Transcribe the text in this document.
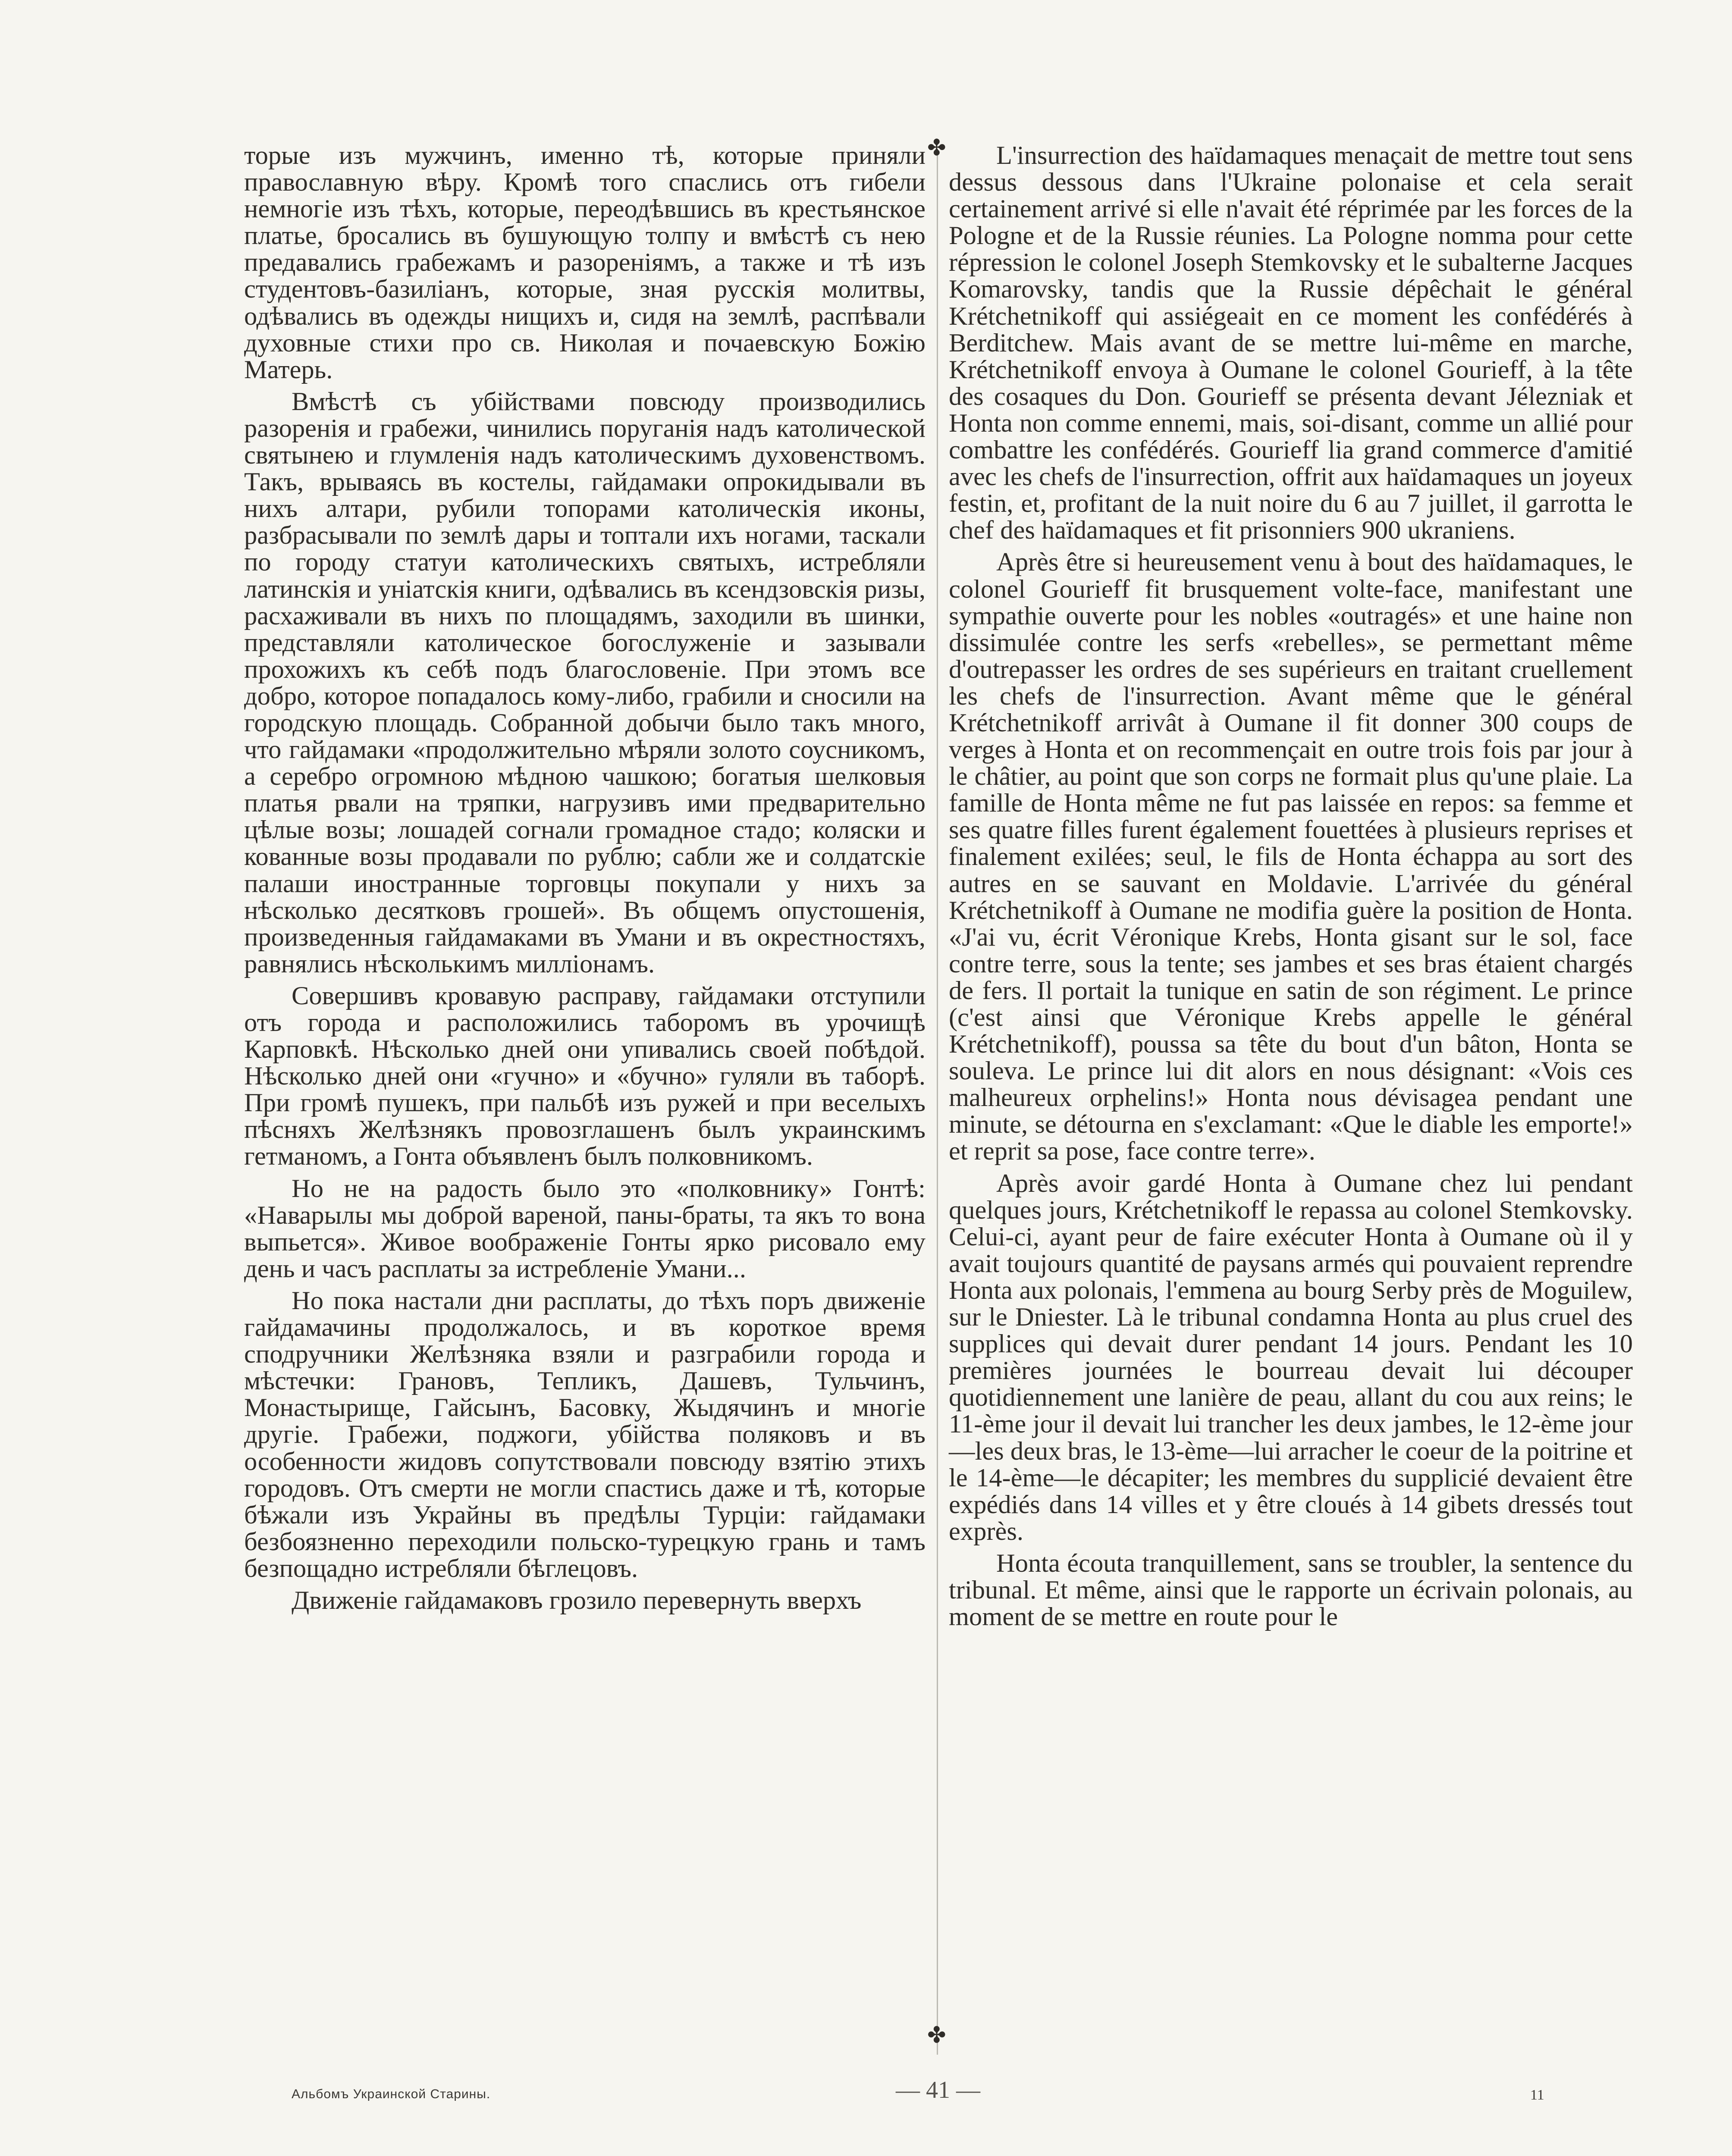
торые изъ мужчинъ, именно тѣ, которые приняли православную вѣру. Кромѣ того спаслись отъ гибели немногіе изъ тѣхъ, которые, переодѣвшись въ крестьянское платье, бросались въ бушующую толпу и вмѣстѣ съ нею предавались грабежамъ и разореніямъ, а также и тѣ изъ студентовъ-базиліанъ, которые, зная русскія молитвы, одѣвались въ одежды нищихъ и, сидя на землѣ, распѣвали духовные стихи про св. Николая и почаевскую Божію Матерь.

Вмѣстѣ съ убійствами повсюду производились разоренія и грабежи, чинились поруганія надъ католической святынею и глумленія надъ католическимъ духовенствомъ. Такъ, врываясь въ костелы, гайдамаки опрокидывали въ нихъ алтари, рубили топорами католическія иконы, разбрасывали по землѣ дары и топтали ихъ ногами, таскали по городу статуи католическихъ святыхъ, истребляли латинскія и уніатскія книги, одѣвались въ ксендзовскія ризы, расхаживали въ нихъ по площадямъ, заходили въ шинки, представляли католическое богослуженіе и зазывали прохожихъ къ себѣ подъ благословеніе. При этомъ все добро, которое попадалось кому-либо, грабили и сносили на городскую площадь. Собранной добычи было такъ много, что гайдамаки «продолжительно мѣряли золото соусникомъ, а серебро огромною мѣдною чашкою; богатыя шелковыя платья рвали на тряпки, нагрузивъ ими предварительно цѣлые возы; лошадей согнали громадное стадо; коляски и кованные возы продавали по рублю; сабли же и солдатскіе палаши иностранные торговцы покупали у нихъ за нѣсколько десятковъ грошей». Въ общемъ опустошенія, произведенныя гайдамаками въ Умани и въ окрестностяхъ, равнялись нѣсколькимъ милліонамъ.

Совершивъ кровавую расправу, гайдамаки отступили отъ города и расположились таборомъ въ урочищѣ Карповкѣ. Нѣсколько дней они упивались своей побѣдой. Нѣсколько дней они «гучно» и «бучно» гуляли въ таборѣ. При громѣ пушекъ, при пальбѣ изъ ружей и при веселыхъ пѣсняхъ Желѣзнякъ провозглашенъ былъ украинскимъ гетманомъ, а Гонта объявленъ былъ полковникомъ.

Но не на радость было это «полковнику» Гонтѣ: «Наварылы мы доброй вареной, паны-браты, та якъ то вона выпьется». Живое воображеніе Гонты ярко рисовало ему день и часъ расплаты за истребленіе Умани...

Но пока настали дни расплаты, до тѣхъ поръ движеніе гайдамачины продолжалось, и въ короткое время сподручники Желѣзняка взяли и разграбили города и мѣстечки: Грановъ, Тепликъ, Дашевъ, Тульчинъ, Монастырище, Гайсынъ, Басовку, Жыдячинъ и многіе другіе. Грабежи, поджоги, убійства поляковъ и въ особенности жидовъ сопутствовали повсюду взятію этихъ городовъ. Отъ смерти не могли спастись даже и тѣ, которые бѣжали изъ Украйны въ предѣлы Турціи: гайдамаки безбоязненно переходили польско-турецкую грань и тамъ безпощадно истребляли бѣглецовъ.

Движеніе гайдамаковъ грозило перевернуть вверхъ

✤
✤

L'insurrection des haïdamaques menaçait de mettre tout sens dessus dessous dans l'Ukraine polonaise et cela serait certainement arrivé si elle n'avait été réprimée par les forces de la Pologne et de la Russie réunies. La Pologne nomma pour cette répression le colonel Joseph Stemkovsky et le subalterne Jacques Komarovsky, tandis que la Russie dépêchait le général Krétchetnikoff qui assiégeait en ce moment les confédérés à Berditchew. Mais avant de se mettre lui-même en marche, Krétchetnikoff envoya à Oumane le colonel Gourieff, à la tête des cosaques du Don. Gourieff se présenta devant Jélezniak et Honta non comme ennemi, mais, soi-disant, comme un allié pour combattre les confédérés. Gourieff lia grand commerce d'amitié avec les chefs de l'insurrection, offrit aux haïdamaques un joyeux festin, et, profitant de la nuit noire du 6 au 7 juillet, il garrotta le chef des haïdamaques et fit prisonniers 900 ukraniens.

Après être si heureusement venu à bout des haïdamaques, le colonel Gourieff fit brusquement volte-face, manifestant une sympathie ouverte pour les nobles «outragés» et une haine non dissimulée contre les serfs «rebelles», se permettant même d'outrepasser les ordres de ses supérieurs en traitant cruellement les chefs de l'insurrection. Avant même que le général Krétchetnikoff arrivât à Oumane il fit donner 300 coups de verges à Honta et on recommençait en outre trois fois par jour à le châtier, au point que son corps ne formait plus qu'une plaie. La famille de Honta même ne fut pas laissée en repos: sa femme et ses quatre filles furent également fouettées à plusieurs reprises et finalement exilées; seul, le fils de Honta échappa au sort des autres en se sauvant en Moldavie. L'arrivée du général Krétchetnikoff à Oumane ne modifia guère la position de Honta. «J'ai vu, écrit Véronique Krebs, Honta gisant sur le sol, face contre terre, sous la tente; ses jambes et ses bras étaient chargés de fers. Il portait la tunique en satin de son régiment. Le prince (c'est ainsi que Véronique Krebs appelle le général Krétchetnikoff), poussa sa tête du bout d'un bâton, Honta se souleva. Le prince lui dit alors en nous désignant: «Vois ces malheureux orphelins!» Honta nous dévisagea pendant une minute, se détourna en s'exclamant: «Que le diable les emporte!» et reprit sa pose, face contre terre».

Après avoir gardé Honta à Oumane chez lui pendant quelques jours, Krétchetnikoff le repassa au colonel Stemkovsky. Celui-ci, ayant peur de faire exécuter Honta à Oumane où il y avait toujours quantité de paysans armés qui pouvaient reprendre Honta aux polonais, l'emmena au bourg Serby près de Moguilew, sur le Dniester. Là le tribunal condamna Honta au plus cruel des supplices qui devait durer pendant 14 jours. Pendant les 10 premières journées le bourreau devait lui découper quotidiennement une lanière de peau, allant du cou aux reins; le 11-ème jour il devait lui trancher les deux jambes, le 12-ème jour—les deux bras, le 13-ème—lui arracher le coeur de la poitrine et le 14-ème—le décapiter; les membres du supplicié devaient être expédiés dans 14 villes et y être cloués à 14 gibets dressés tout exprès.

Honta écouta tranquillement, sans se troubler, la sentence du tribunal. Et même, ainsi que le rapporte un écrivain polonais, au moment de se mettre en route pour le

Альбомъ Украинской Старины.	— 41 —	11
